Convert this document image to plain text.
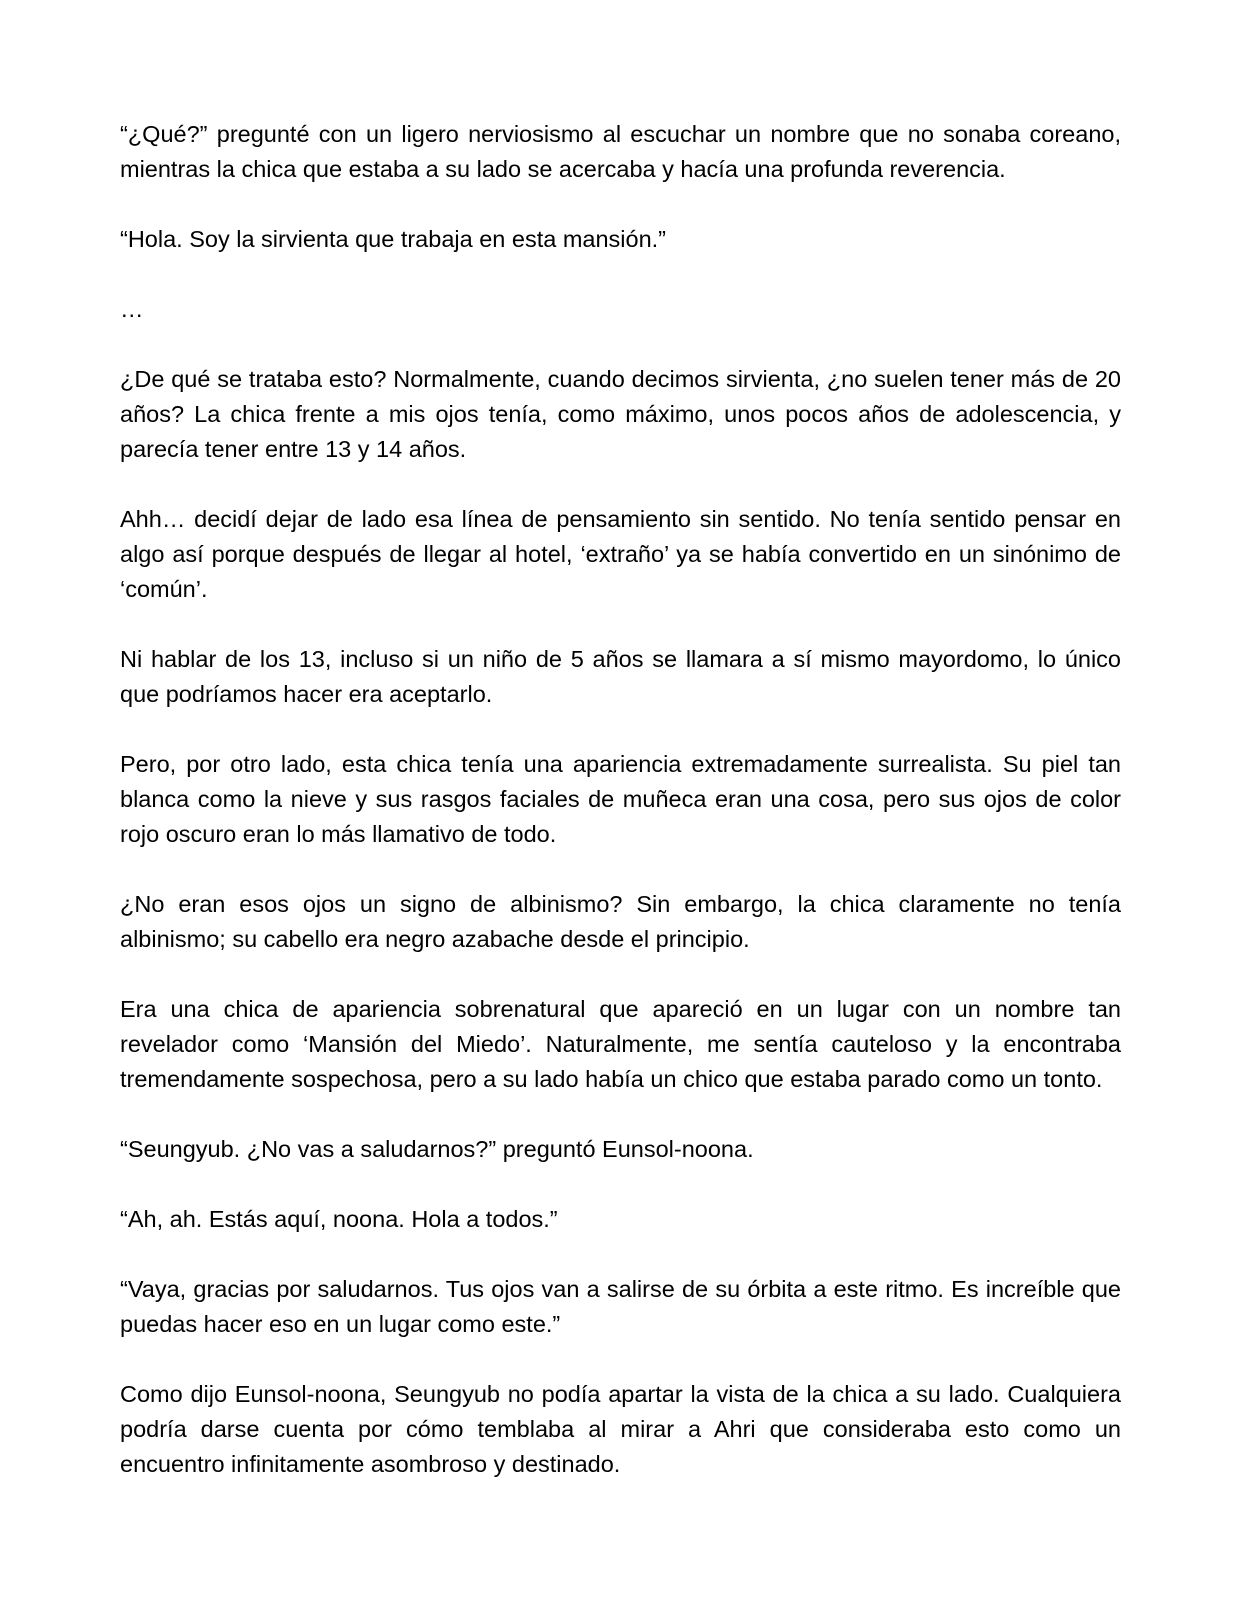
“¿Qué?” pregunté con un ligero nerviosismo al escuchar un nombre que no sonaba coreano, mientras la chica que estaba a su lado se acercaba y hacía una profunda reverencia.

“Hola. Soy la sirvienta que trabaja en esta mansión.”

…

¿De qué se trataba esto? Normalmente, cuando decimos sirvienta, ¿no suelen tener más de 20 años? La chica frente a mis ojos tenía, como máximo, unos pocos años de adolescencia, y parecía tener entre 13 y 14 años.

Ahh… decidí dejar de lado esa línea de pensamiento sin sentido. No tenía sentido pensar en algo así porque después de llegar al hotel, ‘extraño’ ya se había convertido en un sinónimo de ‘común’.

Ni hablar de los 13, incluso si un niño de 5 años se llamara a sí mismo mayordomo, lo único que podríamos hacer era aceptarlo.

Pero, por otro lado, esta chica tenía una apariencia extremadamente surrealista. Su piel tan blanca como la nieve y sus rasgos faciales de muñeca eran una cosa, pero sus ojos de color rojo oscuro eran lo más llamativo de todo.

¿No eran esos ojos un signo de albinismo? Sin embargo, la chica claramente no tenía albinismo; su cabello era negro azabache desde el principio.

Era una chica de apariencia sobrenatural que apareció en un lugar con un nombre tan revelador como ‘Mansión del Miedo’. Naturalmente, me sentía cauteloso y la encontraba tremendamente sospechosa, pero a su lado había un chico que estaba parado como un tonto.

“Seungyub. ¿No vas a saludarnos?” preguntó Eunsol-noona.

“Ah, ah. Estás aquí, noona. Hola a todos.”

“Vaya, gracias por saludarnos. Tus ojos van a salirse de su órbita a este ritmo. Es increíble que puedas hacer eso en un lugar como este.”

Como dijo Eunsol-noona, Seungyub no podía apartar la vista de la chica a su lado. Cualquiera podría darse cuenta por cómo temblaba al mirar a Ahri que consideraba esto como un encuentro infinitamente asombroso y destinado.
